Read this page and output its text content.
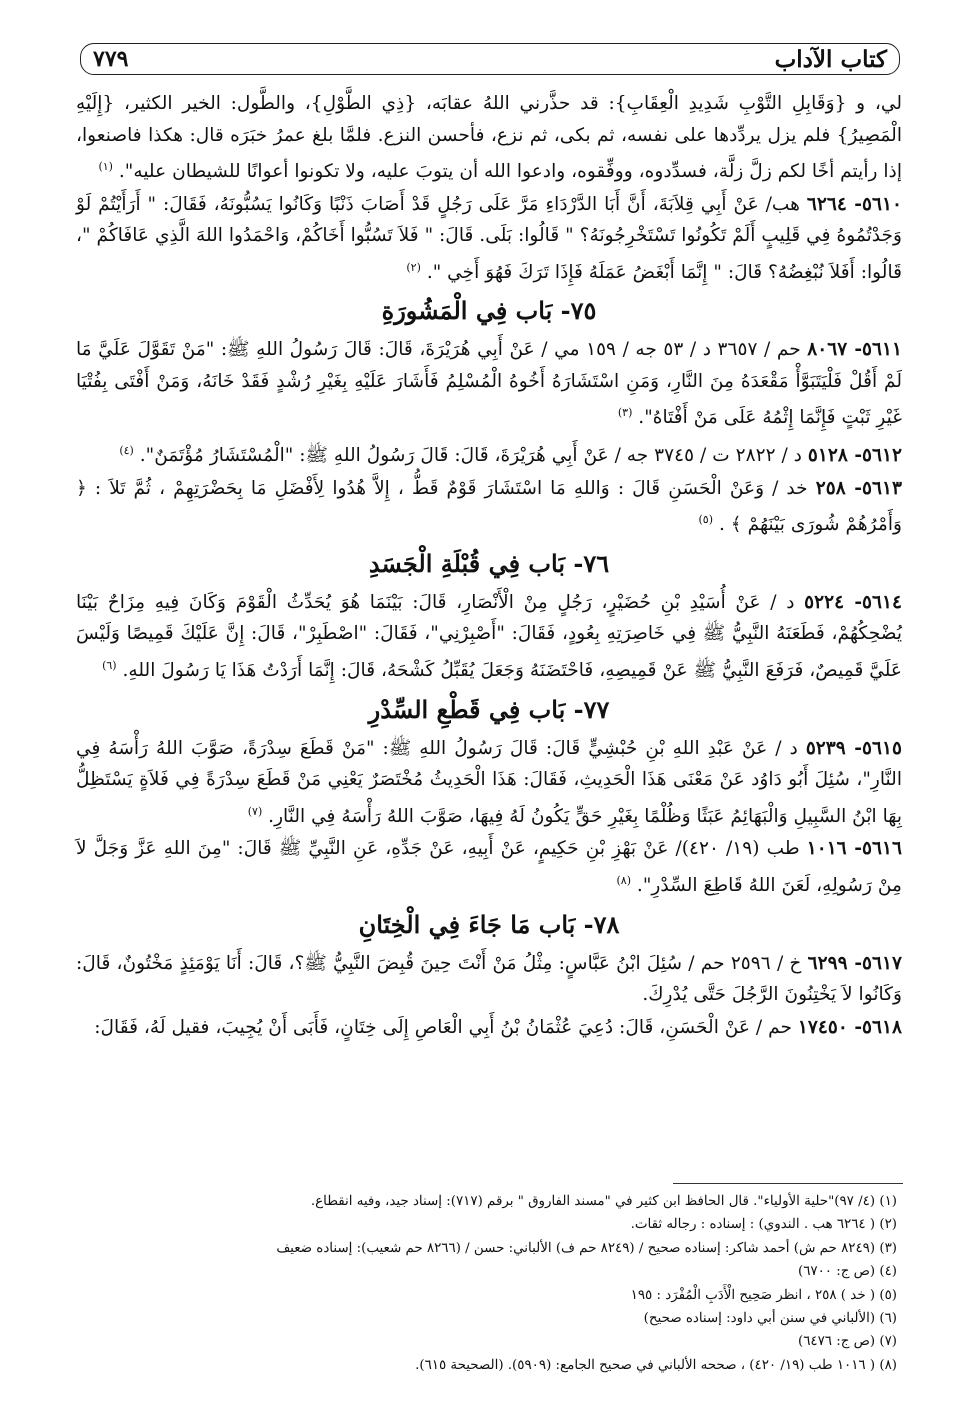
كتاب الآداب
٧٧٩

لي، و {وَقَابِلِ التَّوْبِ شَدِيدِ الْعِقَابِ}: قد حذَّرني اللهُ عقابَه، {ذِي الطَّوْلِ}، والطَّول: الخير الكثير، {إِلَيْهِ الْمَصِيرُ} فلم يزل يردِّدها على نفسه، ثم بكى، ثم نزع، فأحسن النزع. فلمَّا بلغ عمرُ خبَرَه قال: هكذا فاصنعوا، إذا رأيتم أخًا لكم زلَّ زلَّة، فسدِّدوه، ووفِّقوه، وادعوا الله أن يتوبَ عليه، ولا تكونوا أعوانًا للشيطان عليه". $^{(١)}$

٥٦١٠- ٦٢٦٤ هب/ عَنْ أَبِي قِلاَبَةَ، أَنَّ أَبَا الدَّرْدَاءِ مَرَّ عَلَى رَجُلٍ قَدْ أَصَابَ ذَنْبًا وَكَانُوا يَسُبُّونَهُ، فَقَالَ: " أَرَأَيْتُمْ لَوْ وَجَدْتُمُوهُ فِي قَلِيبٍ أَلَمْ تَكُونُوا تَسْتَخْرِجُونَهُ؟ " قَالُوا: بَلَى. قَالَ: " فَلاَ تَسُبُّوا أَخَاكُمْ، وَاحْمَدُوا اللهَ الَّذِي عَافَاكُمْ "، قَالُوا: أَفَلاَ نُبْغِضُهُ؟ قَالَ: " إِنَّمَا أَبْغَضُ عَمَلَهُ فَإِذَا تَرَكَ فَهُوَ أَخِي ". $^{(٢)}$

٧٥- بَاب فِي الْمَشُورَةِ

٥٦١١- ٨٠٦٧ حم / ٣٦٥٧ د / ٥٣ جه / ١٥٩ مي / عَنْ أَبِي هُرَيْرَةَ، قَالَ: قَالَ رَسُولُ اللهِ ﷺ: "مَنْ تَقَوَّلَ عَلَيَّ مَا لَمْ أَقُلْ فَلْيَتَبَوَّأْ مَقْعَدَهُ مِنَ النَّارِ، وَمَنِ اسْتَشَارَهُ أَخُوهُ الْمُسْلِمُ فَأَشَارَ عَلَيْهِ بِغَيْرِ رُشْدٍ فَقَدْ خَانَهُ، وَمَنْ أَفْتَى بِفُتْيَا غَيْرِ ثَبْتٍ فَإِنَّمَا إِثْمُهُ عَلَى مَنْ أَفْتَاهُ". $^{(٣)}$

٥٦١٢- ٥١٢٨ د / ٢٨٢٢ ت / ٣٧٤٥ جه / عَنْ أَبِي هُرَيْرَةَ، قَالَ: قَالَ رَسُولُ اللهِ ﷺ: "الْمُسْتَشَارُ مُؤْتَمَنٌ". $^{(٤)}$

٥٦١٣- ٢٥٨ خد / وَعَنْ الْحَسَنِ قَالَ : وَاللهِ مَا اسْتَشَارَ قَوْمٌ قَطُّ ، إِلاَّ هُدُوا لِأَفْضَلِ مَا بِحَضْرَتِهِمْ ، ثُمَّ تَلاَ : ﴿ وَأَمْرُهُمْ شُورَى بَيْنَهُمْ ﴾ . $^{(٥)}$

٧٦- بَاب فِي قُبْلَةِ الْجَسَدِ

٥٦١٤- ٥٢٢٤ د / عَنْ أُسَيْدِ بْنِ حُضَيْرٍ، رَجُلٍ مِنْ الْأَنْصَارِ، قَالَ: بَيْنَمَا هُوَ يُحَدِّثُ الْقَوْمَ وَكَانَ فِيهِ مِزَاحٌ بَيْنَا يُضْحِكُهُمْ، فَطَعَنَهُ النَّبِيُّ ﷺ فِي خَاصِرَتِهِ بِعُودٍ، فَقَالَ: "أَصْبِرْنِي"، فَقَالَ: "اصْطَبِرْ"، قَالَ: إِنَّ عَلَيْكَ قَمِيصًا وَلَيْسَ عَلَيَّ قَمِيصٌ، فَرَفَعَ النَّبِيُّ ﷺ عَنْ قَمِيصِهِ، فَاحْتَضَنَهُ وَجَعَلَ يُقَبِّلُ كَشْحَهُ، قَالَ: إِنَّمَا أَرَدْتُ هَذَا يَا رَسُولَ اللهِ. $^{(٦)}$

٧٧- بَاب فِي قَطْعِ السِّدْرِ

٥٦١٥- ٥٢٣٩ د / عَنْ عَبْدِ اللهِ بْنِ حُبْشِيٍّ قَالَ: قَالَ رَسُولُ اللهِ ﷺ: "مَنْ قَطَعَ سِدْرَةً، صَوَّبَ اللهُ رَأْسَهُ فِي النَّارِ"، سُئِلَ أَبُو دَاوُد عَنْ مَعْنَى هَذَا الْحَدِيثِ، فَقَالَ: هَذَا الْحَدِيثُ مُخْتَصَرٌ يَعْنِي مَنْ قَطَعَ سِدْرَةً فِي فَلاَةٍ يَسْتَظِلُّ بِهَا ابْنُ السَّبِيلِ وَالْبَهَائِمُ عَبَثًا وَظُلْمًا بِغَيْرِ حَقٍّ يَكُونُ لَهُ فِيهَا، صَوَّبَ اللهُ رَأْسَهُ فِي النَّارِ. $^{(٧)}$

٥٦١٦- ١٠١٦ طب (١٩/ ٤٢٠)/ عَنْ بَهْزِ بْنِ حَكِيمٍ، عَنْ أَبِيهِ، عَنْ جَدِّهِ، عَنِ النَّبِيِّ ﷺ قَالَ: "مِنَ اللهِ عَزَّ وَجَلَّ لاَ مِنْ رَسُولِهِ، لَعَنَ اللهُ قَاطِعَ السِّدْرِ". $^{(٨)}$

٧٨- بَاب مَا جَاءَ فِي الْخِتَانِ

٥٦١٧- ٦٢٩٩ خ / ٢٥٩٦ حم / سُئِلَ ابْنُ عَبَّاسٍ: مِثْلُ مَنْ أَنْتَ حِينَ قُبِضَ النَّبِيُّ ﷺ؟، قَالَ: أَنَا يَوْمَئِذٍ مَخْتُونٌ، قَالَ: وَكَانُوا لاَ يَخْتِنُونَ الرَّجُلَ حَتَّى يُدْرِكَ.

٥٦١٨- ١٧٤٥٠ حم / عَنْ الْحَسَنِ، قَالَ: دُعِيَ عُثْمَانُ بْنُ أَبِي الْعَاصِ إِلَى خِتَانٍ، فَأَبَى أَنْ يُجِيبَ، فقيل لَهُ، فَقَالَ:

(١) (٤/ ٩٧)"حلية الأولياء". قال الحافظ ابن كثير في "مسند الفاروق " برقم (٧١٧): إسناد جيد، وفيه انقطاع.
(٢) ( ٦٢٦٤ هب . الندوي) : إسناده : رجاله ثقات.
(٣) (٨٢٤٩ حم ش) أحمد شاكر: إسناده صحيح / (٨٢٤٩ حم ف) الألباني: حسن / (٨٢٦٦ حم شعيب): إسناده ضعيف
(٤) (ص ج: ٦٧٠٠)
(٥) ( خد ) ٢٥٨ ، انظر صَحِيح الْأَدَبِ الْمُفْرَد : ١٩٥
(٦) (الألباني في سنن أبي داود: إسناده صحيح)
(٧) (ص ج: ٦٤٧٦)
(٨) ( ١٠١٦ طب (١٩/ ٤٢٠) ، صححه الألباني في صحيح الجامع: (٥٩٠٩). (الصحيحة ٦١٥).
